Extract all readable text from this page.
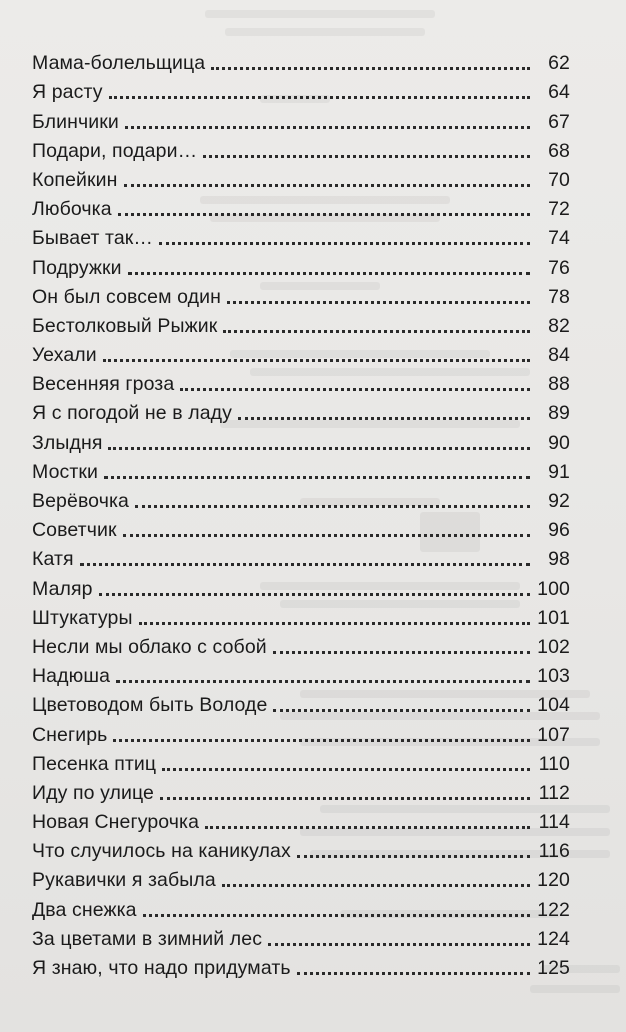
Мама-болельщица	62
Я расту	64
Блинчики	67
Подари, подари…	68
Копейкин	70
Любочка	72
Бывает так…	74
Подружки	76
Он был совсем один	78
Бестолковый Рыжик	82
Уехали	84
Весенняя гроза	88
Я с погодой не в ладу	89
Злыдня	90
Мостки	91
Верёвочка	92
Советчик	96
Катя	98
Маляр	100
Штукатуры	101
Несли мы облако с собой	102
Надюша	103
Цветоводом быть Володе	104
Снегирь	107
Песенка птиц	110
Иду по улице	112
Новая Снегурочка	114
Что случилось на каникулах	116
Рукавички я забыла	120
Два снежка	122
За цветами в зимний лес	124
Я знаю, что надо придумать	125
